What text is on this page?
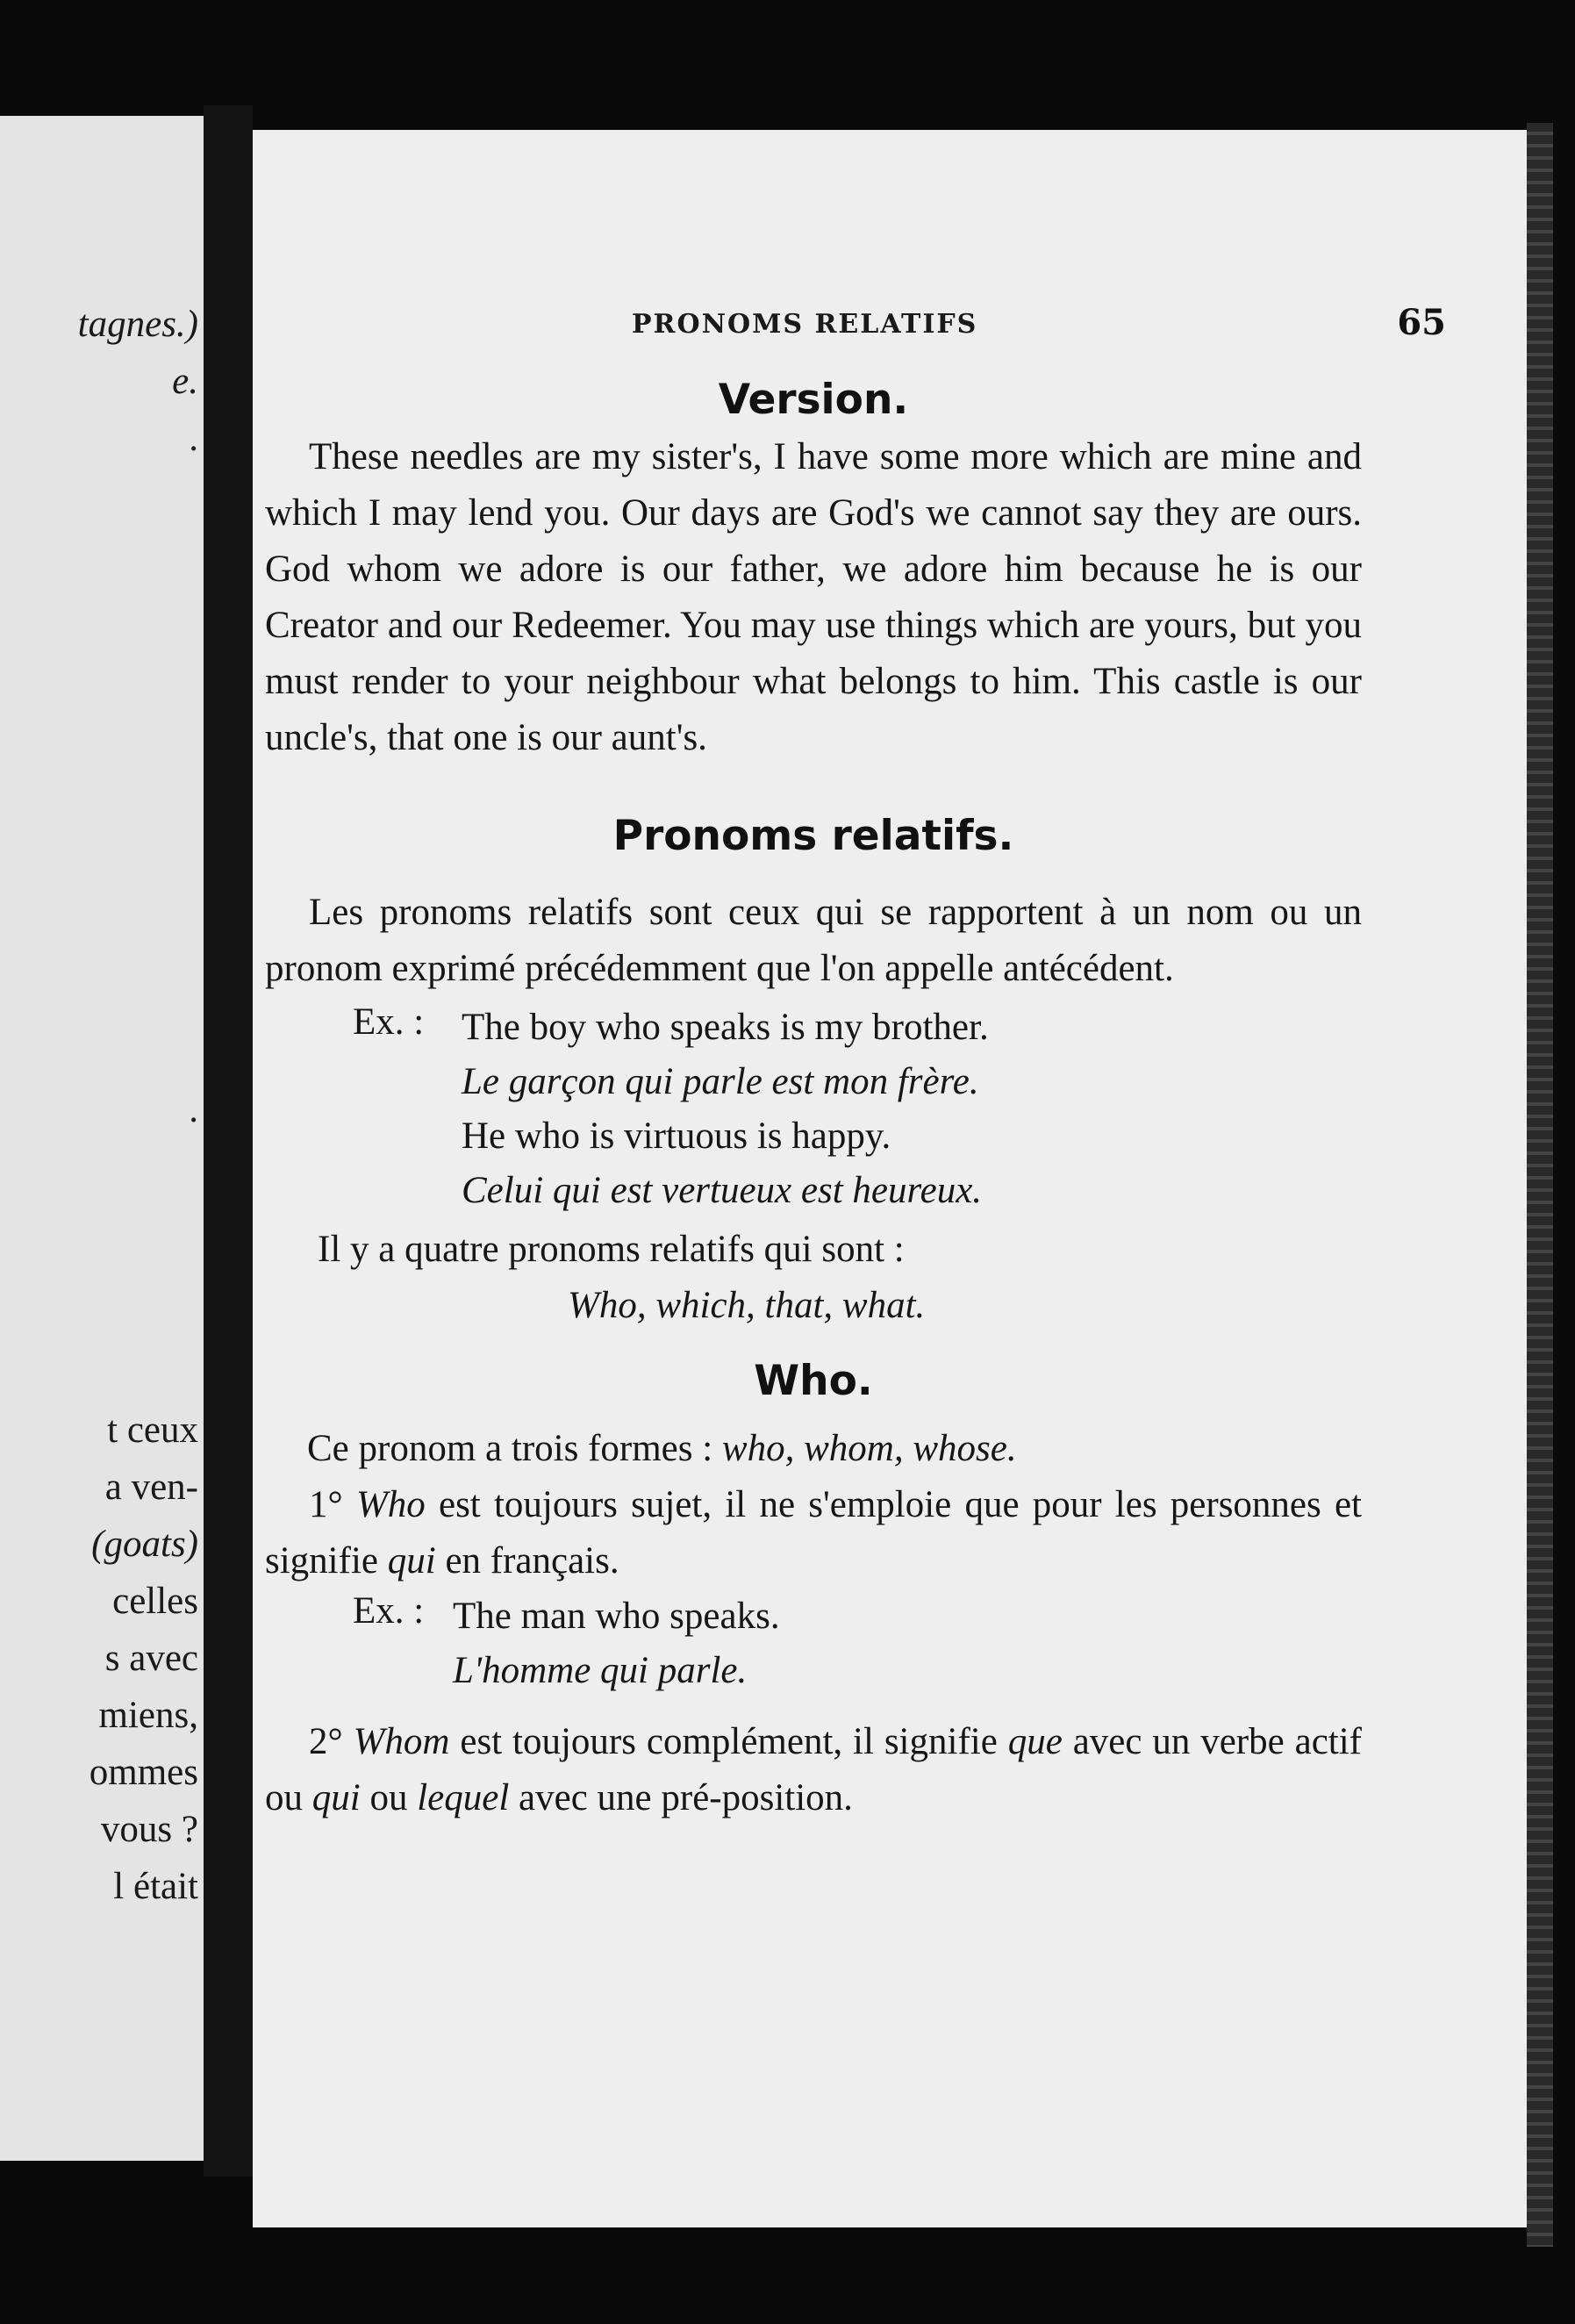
tagnes.)

e.

.

.

t ceux

a ven-

(goats)

celles

s avec

miens,

ommes

vous ?

l était

PRONOMS RELATIFS	65

Version.

These needles are my sister's, I have some more which are mine and which I may lend you. Our days are God's we cannot say they are ours. God whom we adore is our father, we adore him because he is our Creator and our Redeemer. You may use things which are yours, but you must render to your neighbour what belongs to him. This castle is our uncle's, that one is our aunt's.

Pronoms relatifs.

Les pronoms relatifs sont ceux qui se rapportent à un nom ou un pronom exprimé précédemment que l'on appelle antécédent.

Ex. : The boy who speaks is my brother.
Le garçon qui parle est mon frère.
He who is virtuous is happy.
Celui qui est vertueux est heureux.

Il y a quatre pronoms relatifs qui sont :

Who, which, that, what.

Who.

Ce pronom a trois formes : who, whom, whose.

1° Who est toujours sujet, il ne s'emploie que pour les personnes et signifie qui en français.

Ex. : The man who speaks.
L'homme qui parle.

2° Whom est toujours complément, il signifie que avec un verbe actif ou qui ou lequel avec une pré-position.
